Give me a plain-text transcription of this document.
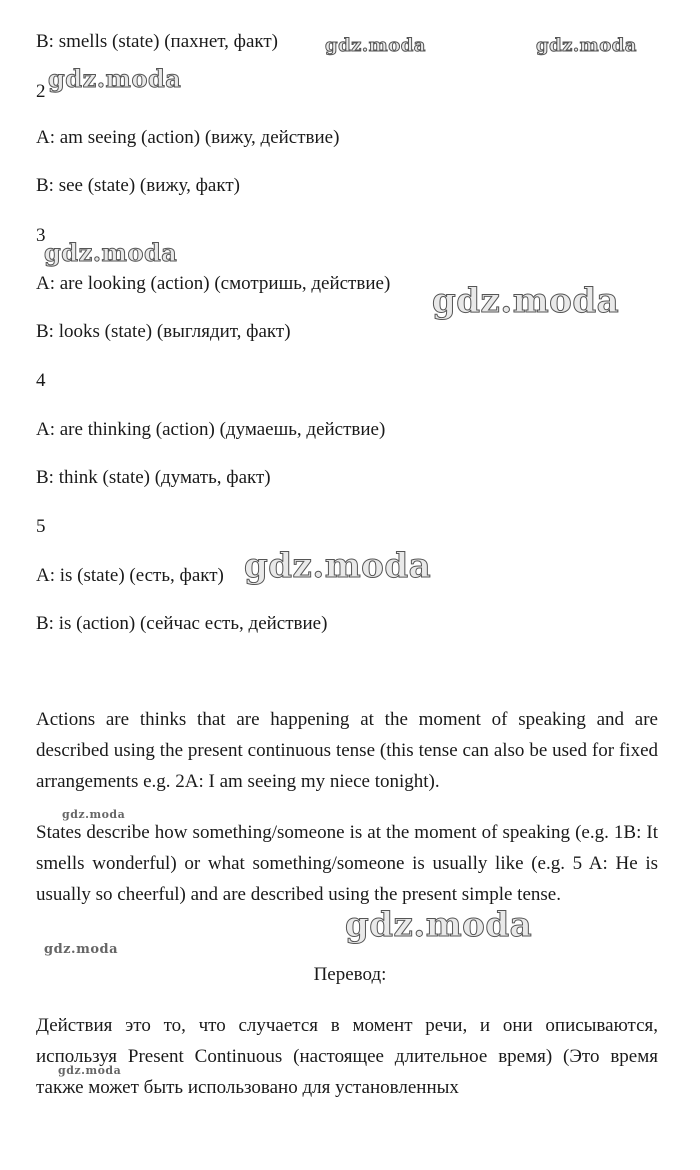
B: smells (state) (пахнет, факт)
2
A: am seeing (action) (вижу, действие)
B: see (state) (вижу, факт)
3
A: are looking (action) (смотришь, действие)
B: looks (state) (выглядит, факт)
4
A: are thinking (action) (думаешь, действие)
B: think (state) (думать, факт)
5
A: is (state) (есть, факт)
B: is (action) (сейчас есть, действие)
Actions are thinks that are happening at the moment of speaking and are described using the present continuous tense (this tense can also be used for fixed arrangements e.g. 2A: I am seeing my niece tonight).
States describe how something/someone is at the moment of speaking (e.g. 1B: It smells wonderful) or what something/someone is usually like (e.g. 5 A: He is usually so cheerful) and are described using the present simple tense.
Перевод:
Действия это то, что случается в момент речи, и они описываются, используя Present Continuous (настоящее длительное время) (Это время также может быть использовано для установленных
gdz.moda	gdz.moda
gdz.moda
gdz.moda
gdz.moda
gdz.moda
gdz.moda
gdz.moda
gdz.moda
gdz.moda
